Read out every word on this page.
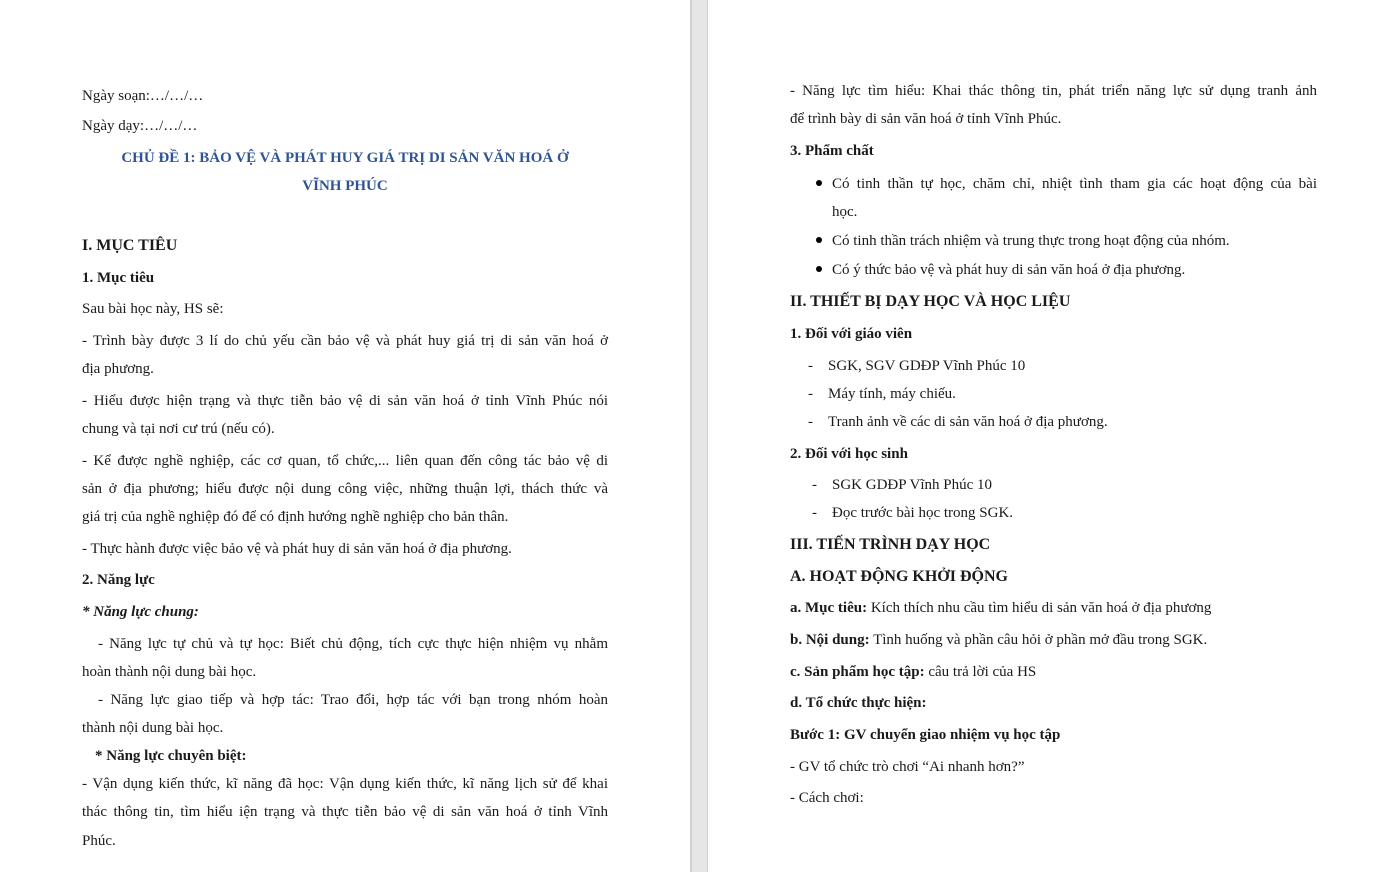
Ngày soạn:…/…/…
Ngày dạy:…/…/…
CHỦ ĐỀ 1: BẢO VỆ VÀ PHÁT HUY GIÁ TRỊ DI SẢN VĂN HOÁ Ở
VĨNH PHÚC
I. MỤC TIÊU
1. Mục tiêu
Sau bài học này, HS sẽ:
- Trình bày được 3 lí do chủ yếu cần bảo vệ và phát huy giá trị di sản văn hoá ở
địa phương.
- Hiểu được hiện trạng và thực tiễn bảo vệ di sản văn hoá ở tỉnh Vĩnh Phúc nói
chung và tại nơi cư trú (nếu có).
- Kể được nghề nghiệp, các cơ quan, tổ chức,... liên quan đến công tác bảo vệ di
sản ở địa phương; hiểu được nội dung công việc, những thuận lợi, thách thức và
giá trị của nghề nghiệp đó để có định hướng nghề nghiệp cho bản thân.
- Thực hành được việc bảo vệ và phát huy di sản văn hoá ở địa phương.
2. Năng lực
* Năng lực chung:
- Năng lực tự chủ và tự học: Biết chủ động, tích cực thực hiện nhiệm vụ nhằm
hoàn thành nội dung bài học.
- Năng lực giao tiếp và hợp tác: Trao đổi, hợp tác với bạn trong nhóm hoàn
thành nội dung bài học.
* Năng lực chuyên biệt:
- Vận dụng kiến thức, kĩ năng đã học: Vận dụng kiến thức, kĩ năng lịch sử để khai
thác thông tin, tìm hiểu iện trạng và thực tiễn bảo vệ di sản văn hoá ở tỉnh Vĩnh
Phúc.
- Năng lực tìm hiểu: Khai thác thông tin, phát triển năng lực sử dụng tranh ảnh
để trình bày di sản văn hoá ở tỉnh Vĩnh Phúc.
3. Phẩm chất
Có tinh thần tự học, chăm chỉ, nhiệt tình tham gia các hoạt động của bài
học.
Có tinh thần trách nhiệm và trung thực trong hoạt động của nhóm.
Có ý thức bảo vệ và phát huy di sản văn hoá ở địa phương.
II. THIẾT BỊ DẠY HỌC VÀ HỌC LIỆU
1. Đối với giáo viên
- SGK, SGV GDĐP Vĩnh Phúc 10
- Máy tính, máy chiếu.
- Tranh ảnh về các di sản văn hoá ở địa phương.
2. Đối với học sinh
- SGK GDĐP Vĩnh Phúc 10
- Đọc trước bài học trong SGK.
III. TIẾN TRÌNH DẠY HỌC
A. HOẠT ĐỘNG KHỞI ĐỘNG
a. Mục tiêu: Kích thích nhu cầu tìm hiểu di sản văn hoá ở địa phương
b. Nội dung: Tình huống và phần câu hỏi ở phần mở đầu trong SGK.
c. Sản phẩm học tập: câu trả lời của HS
d. Tổ chức thực hiện:
Bước 1: GV chuyển giao nhiệm vụ học tập
- GV tổ chức trò chơi “Ai nhanh hơn?”
- Cách chơi:
